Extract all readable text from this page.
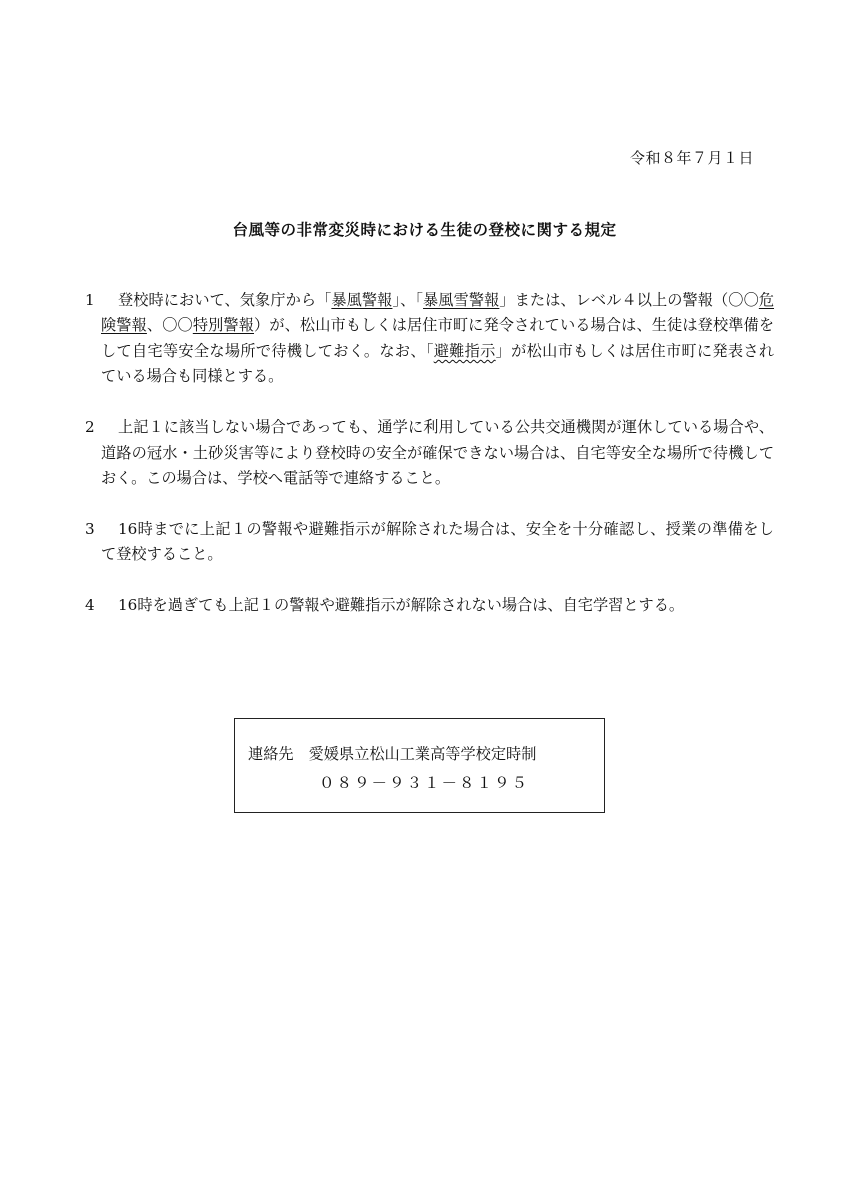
令和８年７月１日
台風等の非常変災時における生徒の登校に関する規定
1	登校時において、気象庁から「暴風警報」、「暴風雪警報」または、レベル４以上の警報（〇〇危険警報、〇〇特別警報）が、松山市もしくは居住市町に発令されている場合は、生徒は登校準備をして自宅等安全な場所で待機しておく。なお、「避難指示」が松山市もしくは居住市町に発表されている場合も同様とする。
2	上記１に該当しない場合であっても、通学に利用している公共交通機関が運休している場合や、道路の冠水・土砂災害等により登校時の安全が確保できない場合は、自宅等安全な場所で待機しておく。この場合は、学校へ電話等で連絡すること。
3	16時までに上記１の警報や避難指示が解除された場合は、安全を十分確認し、授業の準備をして登校すること。
4	16時を過ぎても上記１の警報や避難指示が解除されない場合は、自宅学習とする。
連絡先 愛媛県立松山工業高等学校定時制
０８９－９３１－８１９５
